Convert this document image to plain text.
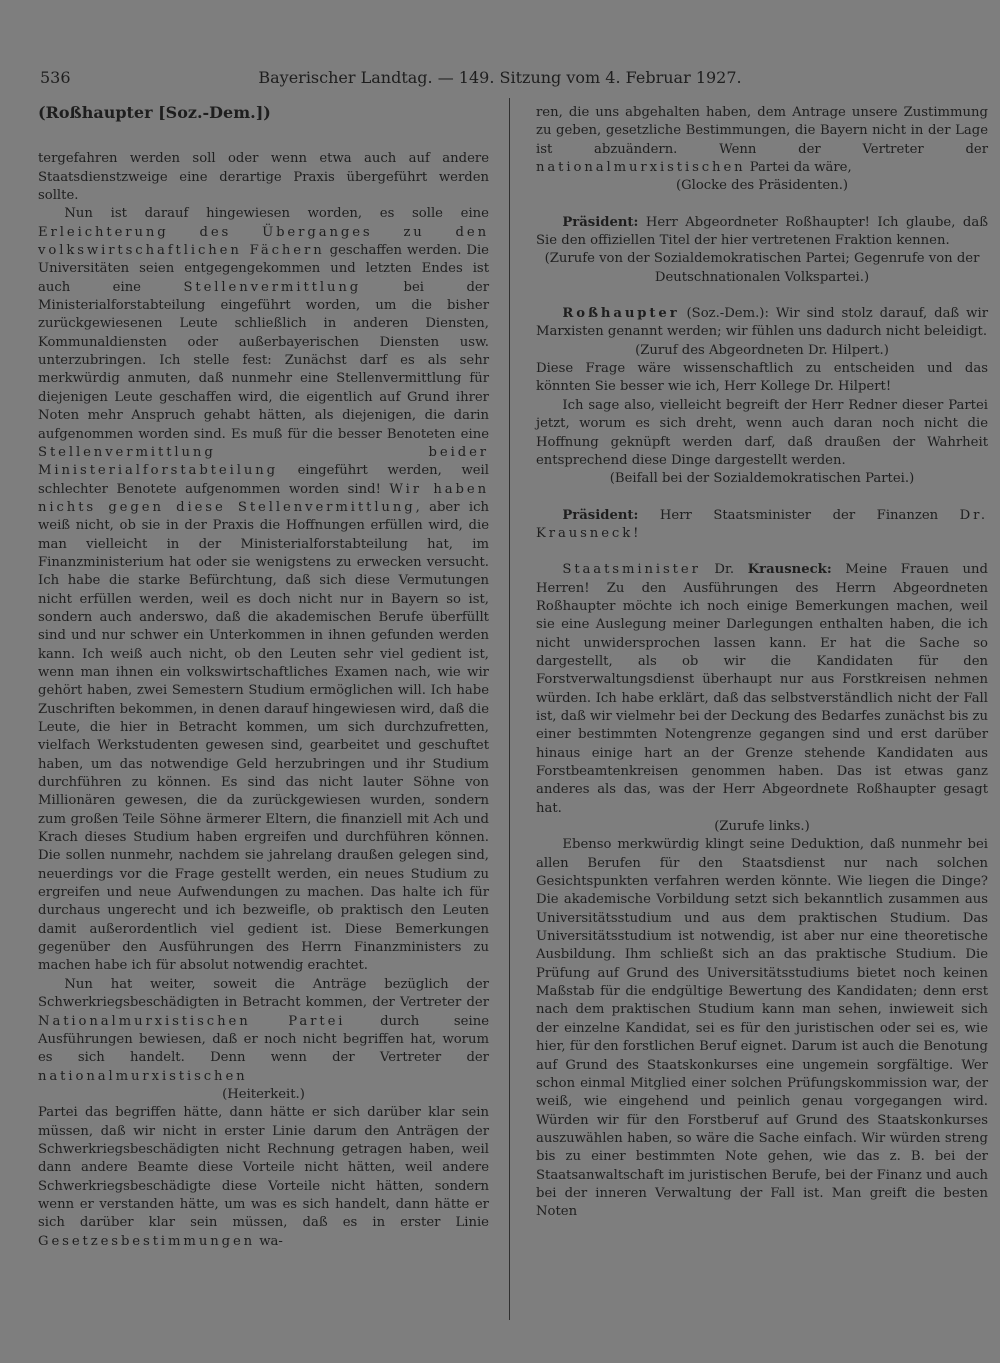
536	Bayerischer Landtag. — 149. Sitzung vom 4. Februar 1927.
(Roßhaupter [Soz.-Dem.])

tergefahren werden soll oder wenn etwa auch auf andere Staatsdienstzweige eine derartige Praxis übergeführt werden sollte.

Nun ist darauf hingewiesen worden, es solle eine Erleichterung des Überganges zu den volkswirtschaftlichen Fächern geschaffen werden. Die Universitäten seien entgegengekommen und letzten Endes ist auch eine Stellenvermittlung bei der Ministerialforstabteilung eingeführt worden, um die bisher zurückgewiesenen Leute schließlich in anderen Diensten, Kommunaldiensten oder außerbayerischen Diensten usw. unterzubringen. Ich stelle fest: Zunächst darf es als sehr merkwürdig anmuten, daß nunmehr eine Stellenvermittlung für diejenigen Leute geschaffen wird, die eigentlich auf Grund ihrer Noten mehr Anspruch gehabt hätten, als diejenigen, die darin aufgenommen worden sind. Es muß für die besser Benoteten eine Stellenvermittlung beider Ministerialforstabteilung eingeführt werden, weil schlechter Benotete aufgenommen worden sind! Wir haben nichts gegen diese Stellenvermittlung, aber ich weiß nicht, ob sie in der Praxis die Hoffnungen erfüllen wird, die man vielleicht in der Ministerialforstabteilung hat, im Finanzministerium hat oder sie wenigstens zu erwecken versucht. Ich habe die starke Befürchtung, daß sich diese Vermutungen nicht erfüllen werden, weil es doch nicht nur in Bayern so ist, sondern auch anderswo, daß die akademischen Berufe überfüllt sind und nur schwer ein Unterkommen in ihnen gefunden werden kann. Ich weiß auch nicht, ob den Leuten sehr viel gedient ist, wenn man ihnen ein volkswirtschaftliches Examen nach, wie wir gehört haben, zwei Semestern Studium ermöglichen will. Ich habe Zuschriften bekommen, in denen darauf hingewiesen wird, daß die Leute, die hier in Betracht kommen, um sich durchzufretten, vielfach Werkstudenten gewesen sind, gearbeitet und geschuftet haben, um das notwendige Geld herzubringen und ihr Studium durchführen zu können. Es sind das nicht lauter Söhne von Millionären gewesen, die da zurückgewiesen wurden, sondern zum großen Teile Söhne ärmerer Eltern, die finanziell mit Ach und Krach dieses Studium haben ergreifen und durchführen können. Die sollen nunmehr, nachdem sie jahrelang draußen gelegen sind, neuerdings vor die Frage gestellt werden, ein neues Studium zu ergreifen und neue Aufwendungen zu machen. Das halte ich für durchaus ungerecht und ich bezweifle, ob praktisch den Leuten damit außerordentlich viel gedient ist. Diese Bemerkungen gegenüber den Ausführungen des Herrn Finanzministers zu machen habe ich für absolut notwendig erachtet.

Nun hat weiter, soweit die Anträge bezüglich der Schwerkriegsbeschädigten in Betracht kommen, der Vertreter der Nationalmurxistischen Partei durch seine Ausführungen bewiesen, daß er noch nicht begriffen hat, worum es sich handelt. Denn wenn der Vertreter der nationalmurxistischen

(Heiterkeit.)

Partei das begriffen hätte, dann hätte er sich darüber klar sein müssen, daß wir nicht in erster Linie darum den Anträgen der Schwerkriegsbeschädigten nicht Rechnung getragen haben, weil dann andere Beamte diese Vorteile nicht hätten, weil andere Schwerkriegsbeschädigte diese Vorteile nicht hätten, sondern wenn er verstanden hätte, um was es sich handelt, dann hätte er sich darüber klar sein müssen, daß es in erster Linie Gesetzesbestimmungen wa-

ren, die uns abgehalten haben, dem Antrage unsere Zustimmung zu geben, gesetzliche Bestimmungen, die Bayern nicht in der Lage ist abzuändern. Wenn der Vertreter der nationalmurxistischen Partei da wäre,

(Glocke des Präsidenten.)

Präsident: Herr Abgeordneter Roßhaupter! Ich glaube, daß Sie den offiziellen Titel der hier vertretenen Fraktion kennen.

(Zurufe von der Sozialdemokratischen Partei; Gegenrufe von der Deutschnationalen Volkspartei.)

Roßhaupter (Soz.-Dem.): Wir sind stolz darauf, daß wir Marxisten genannt werden; wir fühlen uns dadurch nicht beleidigt.

(Zuruf des Abgeordneten Dr. Hilpert.)

Diese Frage wäre wissenschaftlich zu entscheiden und das könnten Sie besser wie ich, Herr Kollege Dr. Hilpert!

Ich sage also, vielleicht begreift der Herr Redner dieser Partei jetzt, worum es sich dreht, wenn auch daran noch nicht die Hoffnung geknüpft werden darf, daß draußen der Wahrheit entsprechend diese Dinge dargestellt werden.

(Beifall bei der Sozialdemokratischen Partei.)

Präsident: Herr Staatsminister der Finanzen Dr. Krausneck!

Staatsminister Dr. Krausneck: Meine Frauen und Herren! Zu den Ausführungen des Herrn Abgeordneten Roßhaupter möchte ich noch einige Bemerkungen machen, weil sie eine Auslegung meiner Darlegungen enthalten haben, die ich nicht unwidersprochen lassen kann. Er hat die Sache so dargestellt, als ob wir die Kandidaten für den Forstverwaltungsdienst überhaupt nur aus Forstkreisen nehmen würden. Ich habe erklärt, daß das selbstverständlich nicht der Fall ist, daß wir vielmehr bei der Deckung des Bedarfes zunächst bis zu einer bestimmten Notengrenze gegangen sind und erst darüber hinaus einige hart an der Grenze stehende Kandidaten aus Forstbeamtenkreisen genommen haben. Das ist etwas ganz anderes als das, was der Herr Abgeordnete Roßhaupter gesagt hat.

(Zurufe links.)

Ebenso merkwürdig klingt seine Deduktion, daß nunmehr bei allen Berufen für den Staatsdienst nur nach solchen Gesichtspunkten verfahren werden könnte. Wie liegen die Dinge? Die akademische Vorbildung setzt sich bekanntlich zusammen aus Universitätsstudium und aus dem praktischen Studium. Das Universitätsstudium ist notwendig, ist aber nur eine theoretische Ausbildung. Ihm schließt sich an das praktische Studium. Die Prüfung auf Grund des Universitätsstudiums bietet noch keinen Maßstab für die endgültige Bewertung des Kandidaten; denn erst nach dem praktischen Studium kann man sehen, inwieweit sich der einzelne Kandidat, sei es für den juristischen oder sei es, wie hier, für den forstlichen Beruf eignet. Darum ist auch die Benotung auf Grund des Staatskonkurses eine ungemein sorgfältige. Wer schon einmal Mitglied einer solchen Prüfungskommission war, der weiß, wie eingehend und peinlich genau vorgegangen wird. Würden wir für den Forstberuf auf Grund des Staatskonkurses auszuwählen haben, so wäre die Sache einfach. Wir würden streng bis zu einer bestimmten Note gehen, wie das z. B. bei der Staatsanwaltschaft im juristischen Berufe, bei der Finanz und auch bei der inneren Verwaltung der Fall ist. Man greift die besten Noten
